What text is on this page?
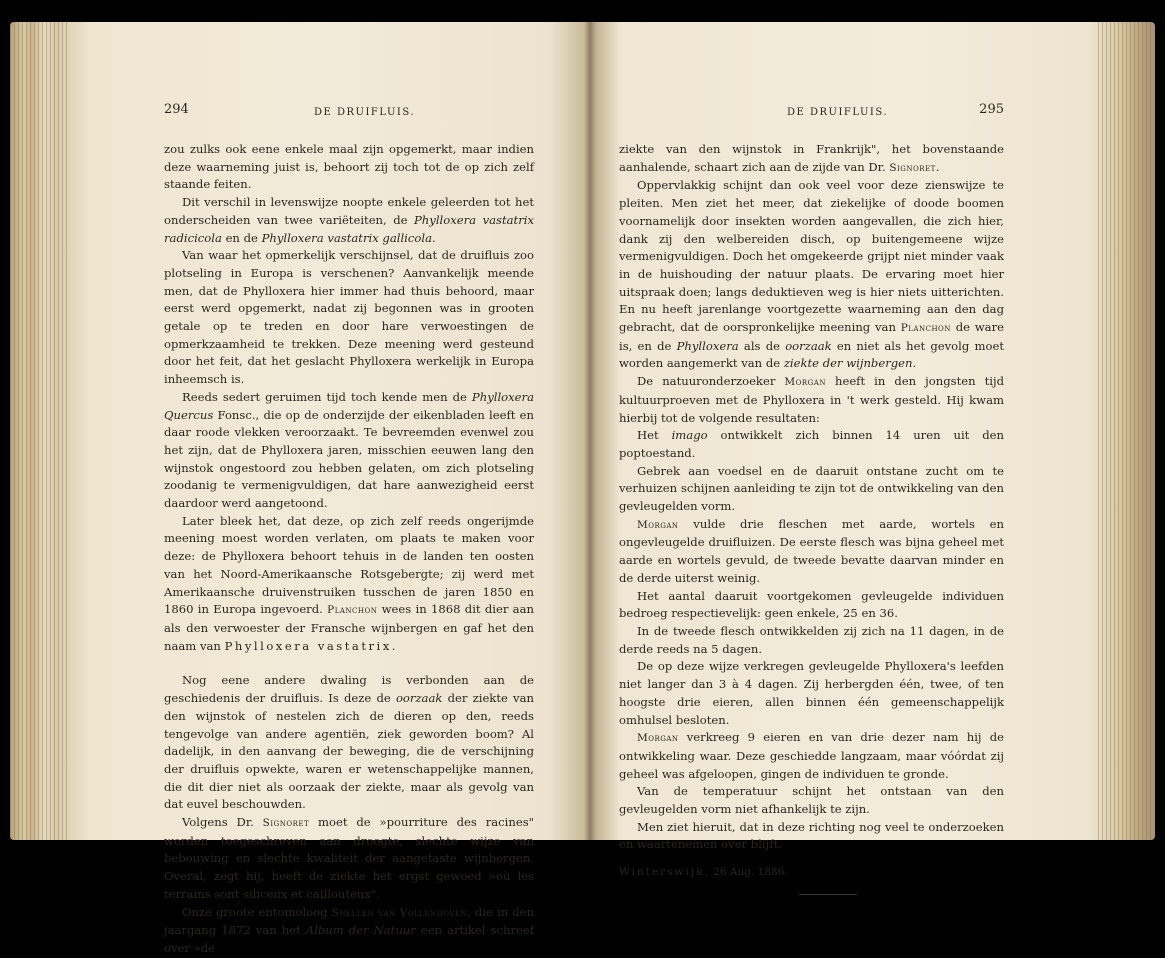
294	DE DRUIFLUIS.

zou zulks ook eene enkele maal zijn opgemerkt, maar indien deze waarneming juist is, behoort zij toch tot de op zich zelf staande feiten.

Dit verschil in levenswijze noopte enkele geleerden tot het onderscheiden van twee variëteiten, de Phylloxera vastatrix radicicola en de Phylloxera vastatrix gallicola.

Van waar het opmerkelijk verschijnsel, dat de druifluis zoo plotseling in Europa is verschenen? Aanvankelijk meende men, dat de Phylloxera hier immer had thuis behoord, maar eerst werd opgemerkt, nadat zij begonnen was in grooten getale op te treden en door hare verwoestingen de opmerkzaamheid te trekken. Deze meening werd gesteund door het feit, dat het geslacht Phylloxera werkelijk in Europa inheemsch is.

Reeds sedert geruimen tijd toch kende men de Phylloxera Quercus Fonsc., die op de onderzijde der eikenbladen leeft en daar roode vlekken veroorzaakt. Te bevreemden evenwel zou het zijn, dat de Phylloxera jaren, misschien eeuwen lang den wijnstok ongestoord zou hebben gelaten, om zich plotseling zoodanig te vermenigvuldigen, dat hare aanwezigheid eerst daardoor werd aangetoond.

Later bleek het, dat deze, op zich zelf reeds ongerijmde meening moest worden verlaten, om plaats te maken voor deze: de Phylloxera behoort tehuis in de landen ten oosten van het Noord-Amerikaansche Rotsgebergte; zij werd met Amerikaansche druivenstruiken tusschen de jaren 1850 en 1860 in Europa ingevoerd. Planchon wees in 1868 dit dier aan als den verwoester der Fransche wijnbergen en gaf het den naam van Phylloxera vastatrix.

Nog eene andere dwaling is verbonden aan de geschiedenis der druifluis. Is deze de oorzaak der ziekte van den wijnstok of nestelen zich de dieren op den, reeds tengevolge van andere agentiën, ziek geworden boom? Al dadelijk, in den aanvang der beweging, die de verschijning der druifluis opwekte, waren er wetenschappelijke mannen, die dit dier niet als oorzaak der ziekte, maar als gevolg van dat euvel beschouwden.

Volgens Dr. Signoret moet de »pourriture des racines" worden toegeschreven aan droogte, slechte wijze van bebouwing en slechte kwaliteit der aangetaste wijnbergen. Overal, zegt hij, heeft de ziekte het ergst gewoed »où les terrains sont siliceux et caillouteux".

Onze groote entomoloog Snellen van Vollenhoven, die in den jaargang 1872 van het Album der Natuur een artikel schreef over »de

DE DRUIFLUIS.	295

ziekte van den wijnstok in Frankrijk", het bovenstaande aanhalende, schaart zich aan de zijde van Dr. Signoret.

Oppervlakkig schijnt dan ook veel voor deze zienswijze te pleiten. Men ziet het meer, dat ziekelijke of doode boomen voornamelijk door insekten worden aangevallen, die zich hier, dank zij den welbereiden disch, op buitengemeene wijze vermenigvuldigen. Doch het omgekeerde grijpt niet minder vaak in de huishouding der natuur plaats. De ervaring moet hier uitspraak doen; langs deduktieven weg is hier niets uitterichten. En nu heeft jarenlange voortgezette waarneming aan den dag gebracht, dat de oorspronkelijke meening van Planchon de ware is, en de Phylloxera als de oorzaak en niet als het gevolg moet worden aangemerkt van de ziekte der wijnbergen.

De natuuronderzoeker Morgan heeft in den jongsten tijd kultuurproeven met de Phylloxera in 't werk gesteld. Hij kwam hierbij tot de volgende resultaten:

Het imago ontwikkelt zich binnen 14 uren uit den poptoestand.

Gebrek aan voedsel en de daaruit ontstane zucht om te verhuizen schijnen aanleiding te zijn tot de ontwikkeling van den gevleugelden vorm.

Morgan vulde drie fleschen met aarde, wortels en ongevleugelde druifluizen. De eerste flesch was bijna geheel met aarde en wortels gevuld, de tweede bevatte daarvan minder en de derde uiterst weinig.

Het aantal daaruit voortgekomen gevleugelde individuen bedroeg respectievelijk: geen enkele, 25 en 36.

In de tweede flesch ontwikkelden zij zich na 11 dagen, in de derde reeds na 5 dagen.

De op deze wijze verkregen gevleugelde Phylloxera's leefden niet langer dan 3 à 4 dagen. Zij herbergden één, twee, of ten hoogste drie eieren, allen binnen één gemeenschappelijk omhulsel besloten.

Morgan verkreeg 9 eieren en van drie dezer nam hij de ontwikkeling waar. Deze geschiedde langzaam, maar vóórdat zij geheel was afgeloopen, gingen de individuen te gronde.

Van de temperatuur schijnt het ontstaan van den gevleugelden vorm niet afhankelijk te zijn.

Men ziet hieruit, dat in deze richting nog veel te onderzoeken en waartenemen over blijft.

Winterswijk, 26 Aug. 1886.
